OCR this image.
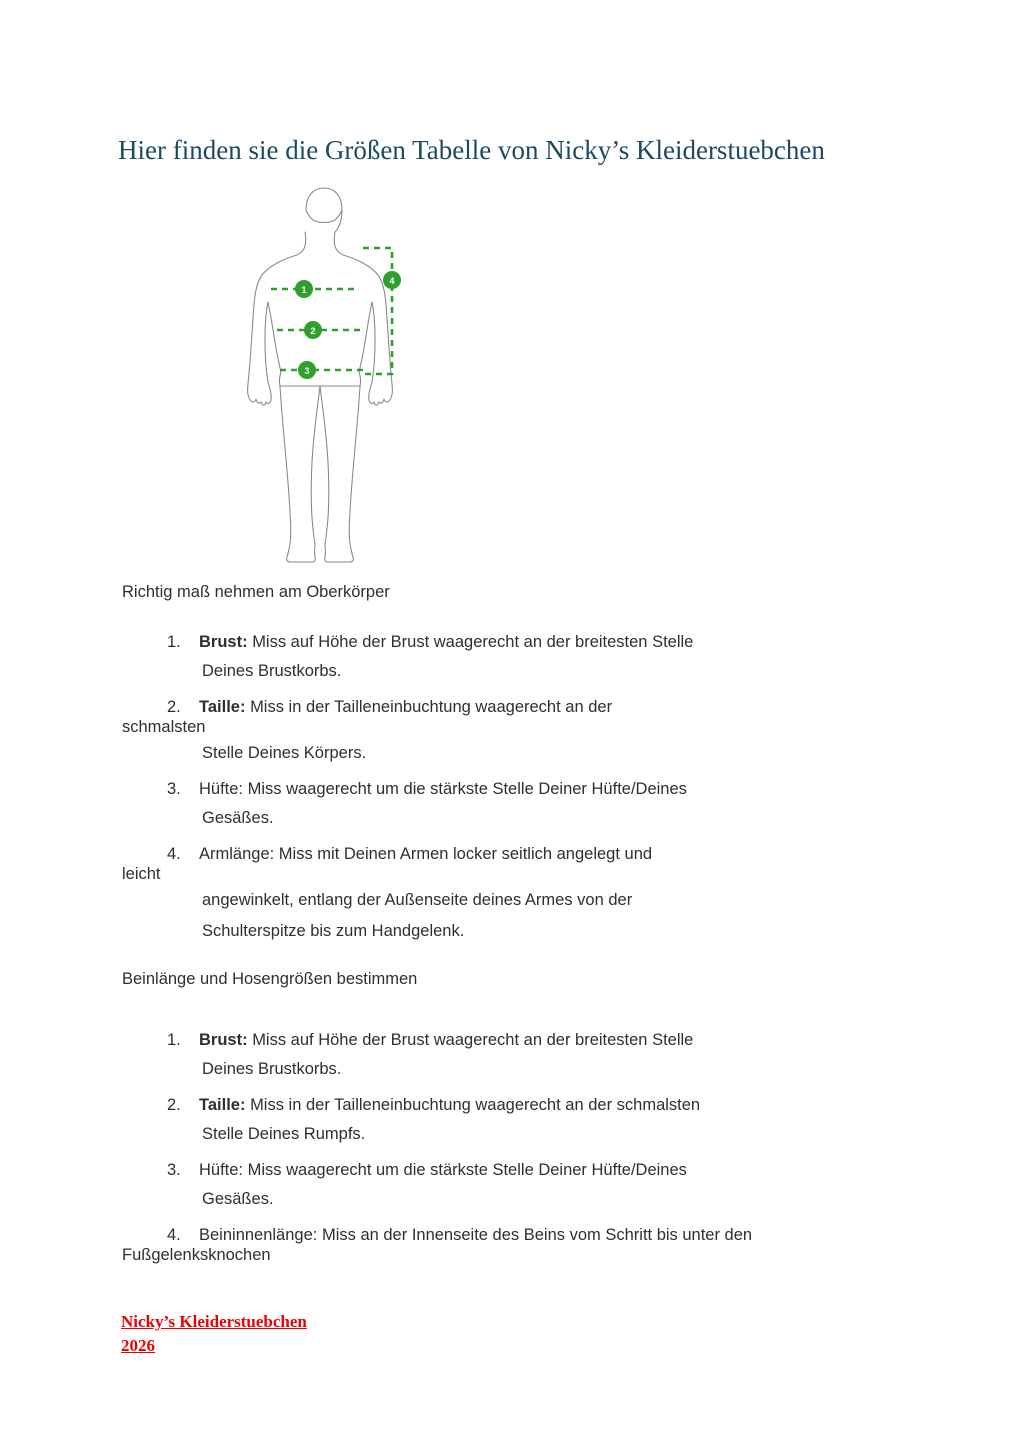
Hier finden sie die Größen Tabelle von Nicky’s Kleiderstuebchen
1
2
3
4
Richtig maß nehmen am Oberkörper
1. Brust: Miss auf Höhe der Brust waagerecht an der breitesten Stelle
Deines Brustkorbs.
2. Taille: Miss in der Tailleneinbuchtung waagerecht an der
schmalsten
Stelle Deines Körpers.
3. Hüfte: Miss waagerecht um die stärkste Stelle Deiner Hüfte/Deines
Gesäßes.
4. Armlänge: Miss mit Deinen Armen locker seitlich angelegt und
leicht
angewinkelt, entlang der Außenseite deines Armes von der
Schulterspitze bis zum Handgelenk.
Beinlänge und Hosengrößen bestimmen
1. Brust: Miss auf Höhe der Brust waagerecht an der breitesten Stelle
Deines Brustkorbs.
2. Taille: Miss in der Tailleneinbuchtung waagerecht an der schmalsten
Stelle Deines Rumpfs.
3. Hüfte: Miss waagerecht um die stärkste Stelle Deiner Hüfte/Deines
Gesäßes.
4. Beininnenlänge: Miss an der Innenseite des Beins vom Schritt bis unter den
Fußgelenksknochen
Nicky’s Kleiderstuebchen
2026
